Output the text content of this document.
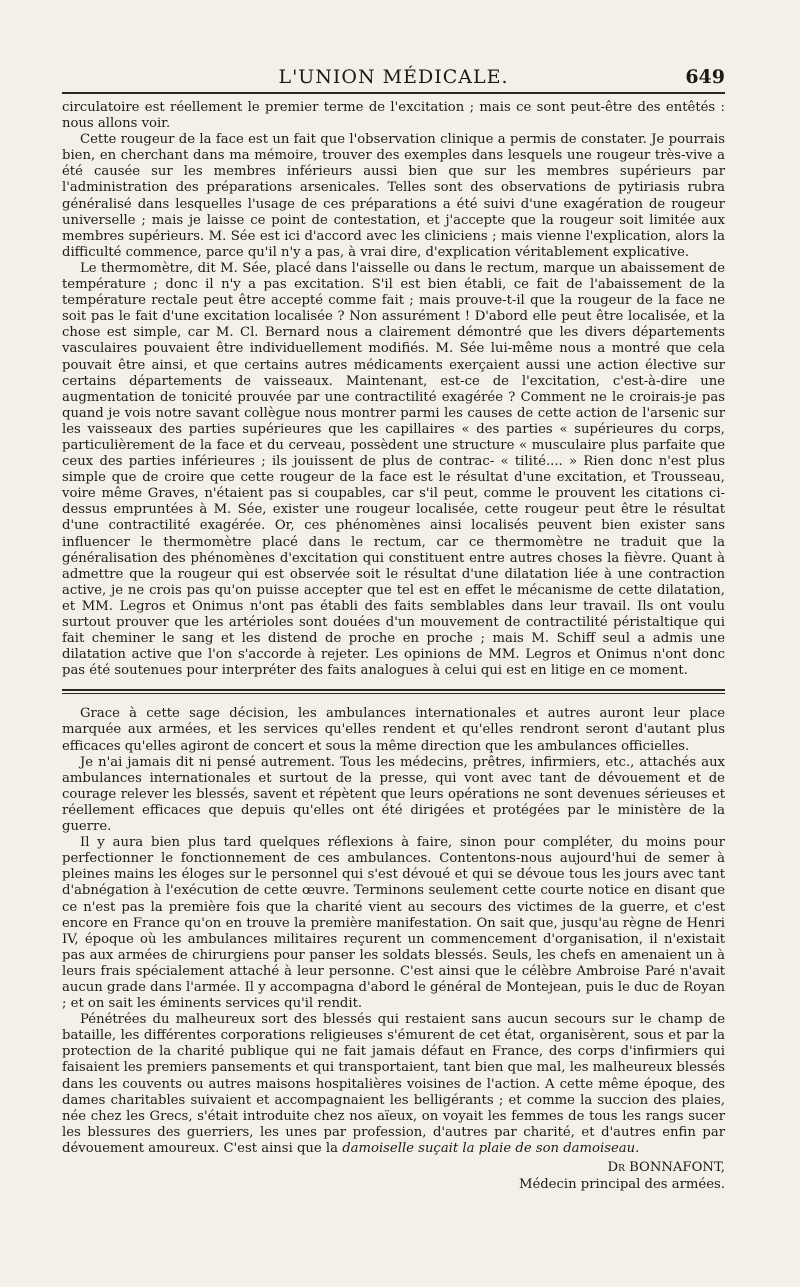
L'UNION MÉDICALE.	649

circulatoire est réellement le premier terme de l'excitation ; mais ce sont peut-être des entêtés : nous allons voir.

Cette rougeur de la face est un fait que l'observation clinique a permis de constater. Je pourrais bien, en cherchant dans ma mémoire, trouver des exemples dans lesquels une rougeur très-vive a été causée sur les membres inférieurs aussi bien que sur les membres supérieurs par l'administration des préparations arsenicales. Telles sont des observations de pytiriasis rubra généralisé dans lesquelles l'usage de ces préparations a été suivi d'une exagération de rougeur universelle ; mais je laisse ce point de contestation, et j'accepte que la rougeur soit limitée aux membres supérieurs. M. Sée est ici d'accord avec les cliniciens ; mais vienne l'explication, alors la difficulté commence, parce qu'il n'y a pas, à vrai dire, d'explication véritablement explicative.

Le thermomètre, dit M. Sée, placé dans l'aisselle ou dans le rectum, marque un abaissement de température ; donc il n'y a pas excitation. S'il est bien établi, ce fait de l'abaissement de la température rectale peut être accepté comme fait ; mais prouve-t-il que la rougeur de la face ne soit pas le fait d'une excitation localisée ? Non assurément ! D'abord elle peut être localisée, et la chose est simple, car M. Cl. Bernard nous a clairement démontré que les divers départements vasculaires pouvaient être individuellement modifiés. M. Sée lui-même nous a montré que cela pouvait être ainsi, et que certains autres médicaments exerçaient aussi une action élective sur certains départements de vaisseaux. Maintenant, est-ce de l'excitation, c'est-à-dire une augmentation de tonicité prouvée par une contractilité exagérée ? Comment ne le croirais-je pas quand je vois notre savant collègue nous montrer parmi les causes de cette action de l'arsenic sur les vaisseaux des parties supérieures que les capillaires « des parties « supérieures du corps, particulièrement de la face et du cerveau, possèdent une structure « musculaire plus parfaite que ceux des parties inférieures ; ils jouissent de plus de contrac- « tilité.... » Rien donc n'est plus simple que de croire que cette rougeur de la face est le résultat d'une excitation, et Trousseau, voire même Graves, n'étaient pas si coupables, car s'il peut, comme le prouvent les citations ci-dessus empruntées à M. Sée, exister une rougeur localisée, cette rougeur peut être le résultat d'une contractilité exagérée. Or, ces phénomènes ainsi localisés peuvent bien exister sans influencer le thermomètre placé dans le rectum, car ce thermomètre ne traduit que la généralisation des phénomènes d'excitation qui constituent entre autres choses la fièvre. Quant à admettre que la rougeur qui est observée soit le résultat d'une dilatation liée à une contraction active, je ne crois pas qu'on puisse accepter que tel est en effet le mécanisme de cette dilatation, et MM. Legros et Onimus n'ont pas établi des faits semblables dans leur travail. Ils ont voulu surtout prouver que les artérioles sont douées d'un mouvement de contractilité péristaltique qui fait cheminer le sang et les distend de proche en proche ; mais M. Schiff seul a admis une dilatation active que l'on s'accorde à rejeter. Les opinions de MM. Legros et Onimus n'ont donc pas été soutenues pour interpréter des faits analogues à celui qui est en litige en ce moment.

Grace à cette sage décision, les ambulances internationales et autres auront leur place marquée aux armées, et les services qu'elles rendent et qu'elles rendront seront d'autant plus efficaces qu'elles agiront de concert et sous la même direction que les ambulances officielles.

Je n'ai jamais dit ni pensé autrement. Tous les médecins, prêtres, infirmiers, etc., attachés aux ambulances internationales et surtout de la presse, qui vont avec tant de dévouement et de courage relever les blessés, savent et répètent que leurs opérations ne sont devenues sérieuses et réellement efficaces que depuis qu'elles ont été dirigées et protégées par le ministère de la guerre.

Il y aura bien plus tard quelques réflexions à faire, sinon pour compléter, du moins pour perfectionner le fonctionnement de ces ambulances. Contentons-nous aujourd'hui de semer à pleines mains les éloges sur le personnel qui s'est dévoué et qui se dévoue tous les jours avec tant d'abnégation à l'exécution de cette œuvre. Terminons seulement cette courte notice en disant que ce n'est pas la première fois que la charité vient au secours des victimes de la guerre, et c'est encore en France qu'on en trouve la première manifestation. On sait que, jusqu'au règne de Henri IV, époque où les ambulances militaires reçurent un commencement d'organisation, il n'existait pas aux armées de chirurgiens pour panser les soldats blessés. Seuls, les chefs en amenaient un à leurs frais spécialement attaché à leur personne. C'est ainsi que le célèbre Ambroise Paré n'avait aucun grade dans l'armée. Il y accompagna d'abord le général de Montejean, puis le duc de Royan ; et on sait les éminents services qu'il rendit.

Pénétrées du malheureux sort des blessés qui restaient sans aucun secours sur le champ de bataille, les différentes corporations religieuses s'émurent de cet état, organisèrent, sous et par la protection de la charité publique qui ne fait jamais défaut en France, des corps d'infirmiers qui faisaient les premiers pansements et qui transportaient, tant bien que mal, les malheureux blessés dans les couvents ou autres maisons hospitalières voisines de l'action. A cette même époque, des dames charitables suivaient et accompagnaient les belligérants ; et comme la succion des plaies, née chez les Grecs, s'était introduite chez nos aïeux, on voyait les femmes de tous les rangs sucer les blessures des guerriers, les unes par profession, d'autres par charité, et d'autres enfin par dévouement amoureux. C'est ainsi que la damoiselle suçait la plaie de son damoiseau.

Dr BONNAFONT,
Médecin principal des armées.
